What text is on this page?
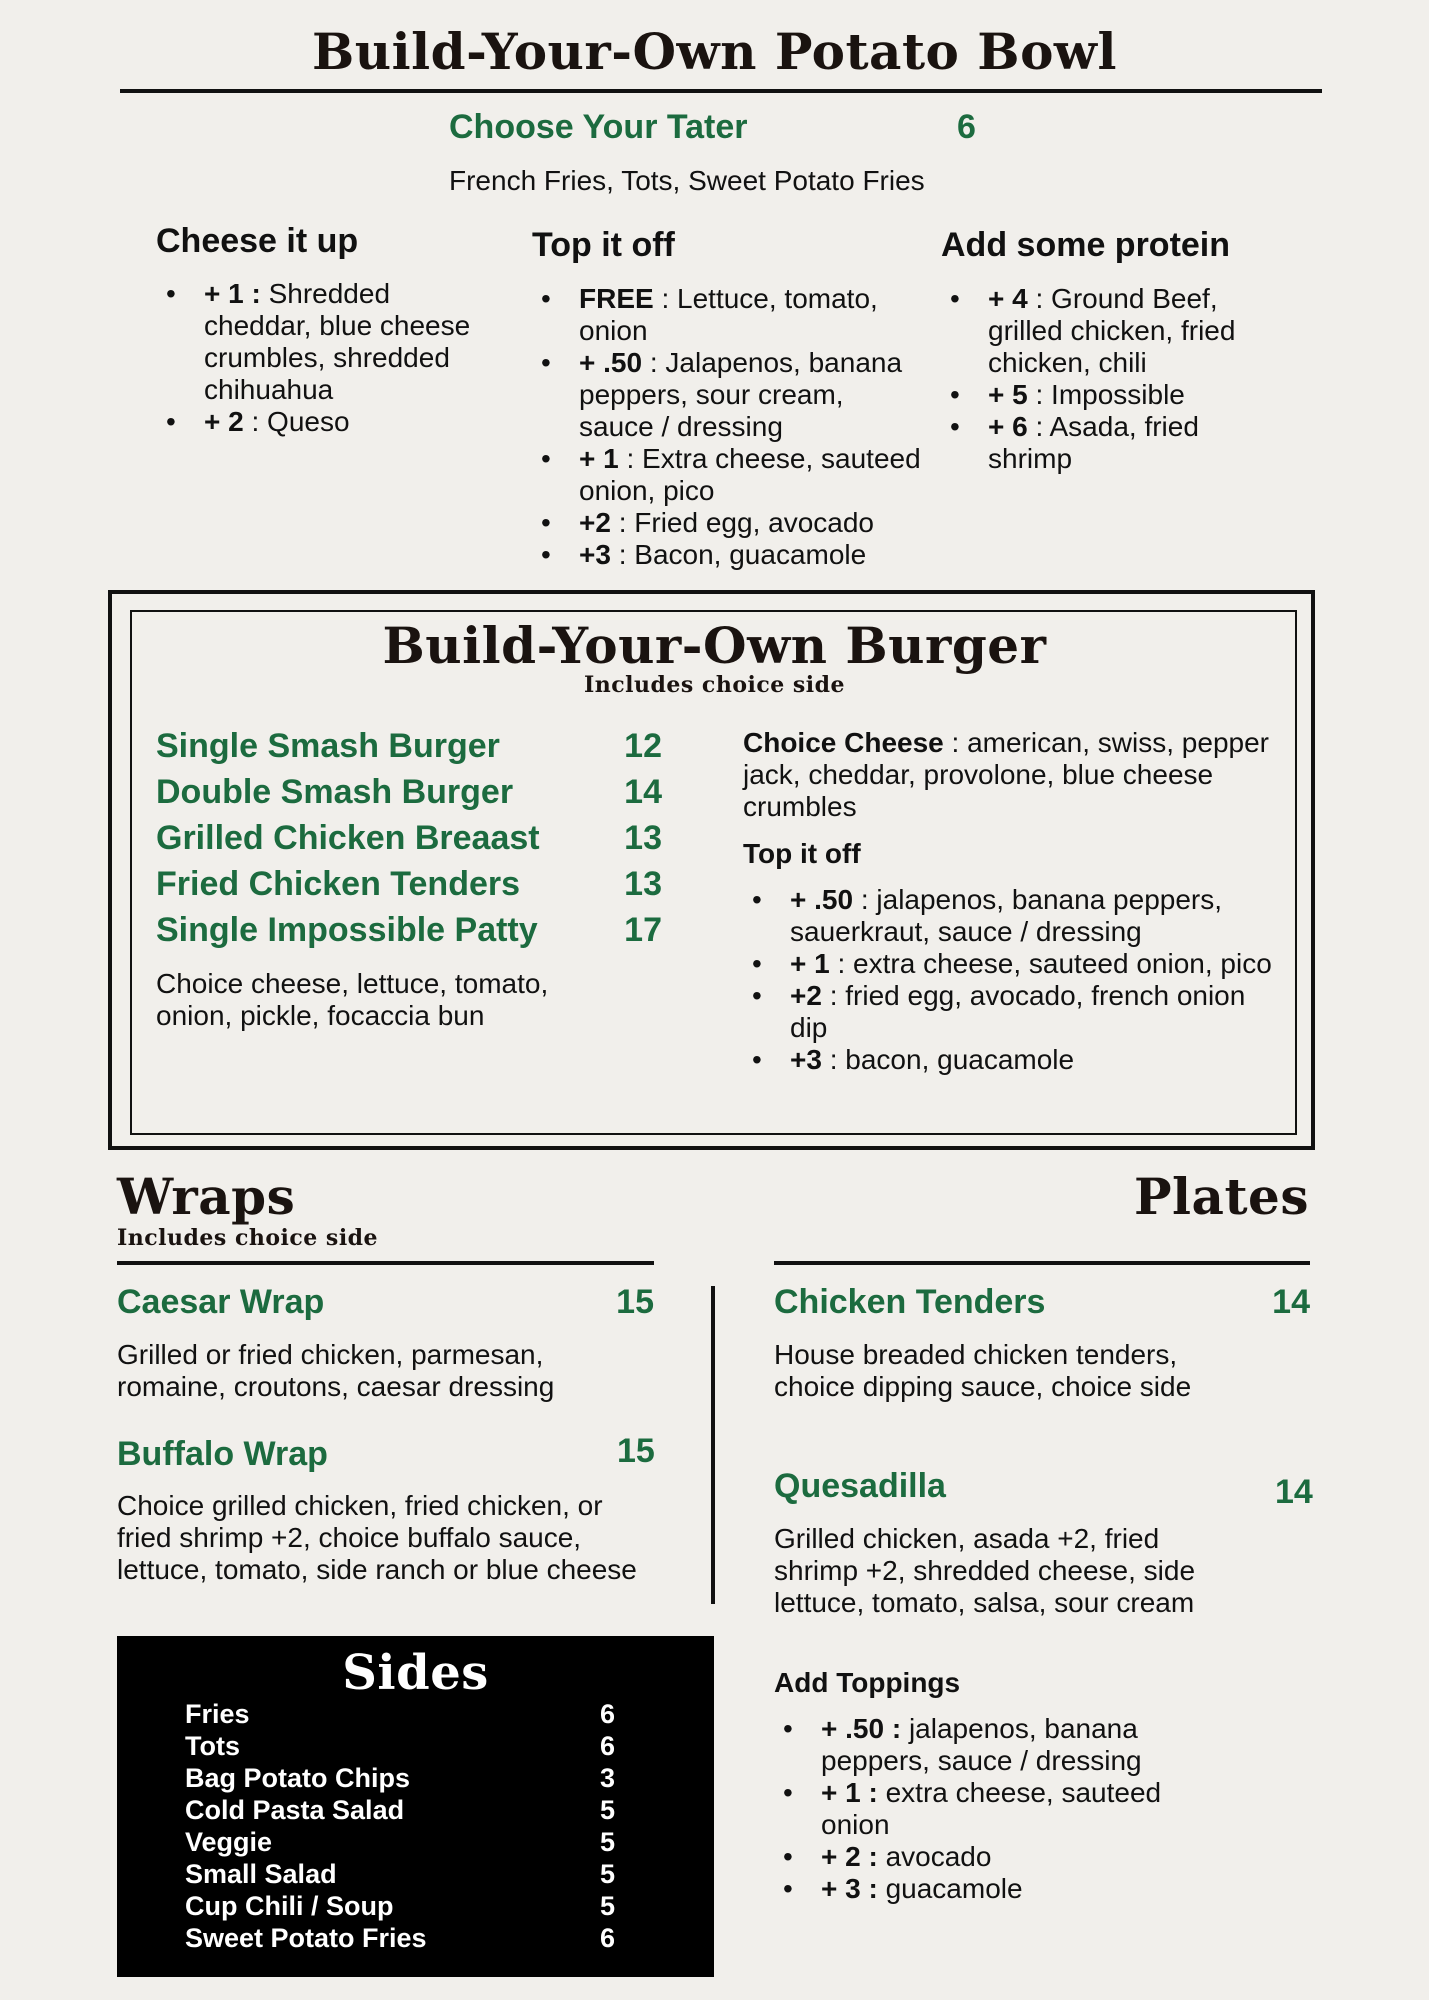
Build-Your-Own Potato Bowl
Choose Your Tater	6
French Fries, Tots, Sweet Potato Fries
Cheese it up
• + 1 : Shredded cheddar, blue cheese crumbles, shredded chihuahua
• + 2 : Queso
Top it off
• FREE : Lettuce, tomato, onion
• + .50 : Jalapenos, banana peppers, sour cream, sauce / dressing
• + 1 : Extra cheese, sauteed onion, pico
• +2 : Fried egg, avocado
• +3 : Bacon, guacamole
Add some protein
• + 4 : Ground Beef, grilled chicken, fried chicken, chili
• + 5 : Impossible
• + 6 : Asada, fried shrimp
Build-Your-Own Burger
Includes choice side
Single Smash Burger	12
Double Smash Burger	14
Grilled Chicken Breaast 13
Fried Chicken Tenders	13
Single Impossible Patty	17
Choice cheese, lettuce, tomato, onion, pickle, focaccia bun
Choice Cheese : american, swiss, pepper jack, cheddar, provolone, blue cheese crumbles
Top it off
• + .50 : jalapenos, banana peppers, sauerkraut, sauce / dressing
• + 1 : extra cheese, sauteed onion, pico
• +2 : fried egg, avocado, french onion dip
• +3 : bacon, guacamole
Wraps
Includes choice side
Caesar Wrap	15
Grilled or fried chicken, parmesan, romaine, croutons, caesar dressing
Buffalo Wrap	15
Choice grilled chicken, fried chicken, or fried shrimp +2, choice buffalo sauce, lettuce, tomato, side ranch or blue cheese
Sides
Fries	6
Tots	6
Bag Potato Chips	3
Cold Pasta Salad	5
Veggie	5
Small Salad	5
Cup Chili / Soup	5
Sweet Potato Fries	6
Plates
Chicken Tenders	14
House breaded chicken tenders, choice dipping sauce, choice side
Quesadilla	14
Grilled chicken, asada +2, fried shrimp +2, shredded cheese, side lettuce, tomato, salsa, sour cream
Add Toppings
• + .50 : jalapenos, banana peppers, sauce / dressing
• + 1 : extra cheese, sauteed onion
• + 2 : avocado
• + 3 : guacamole
